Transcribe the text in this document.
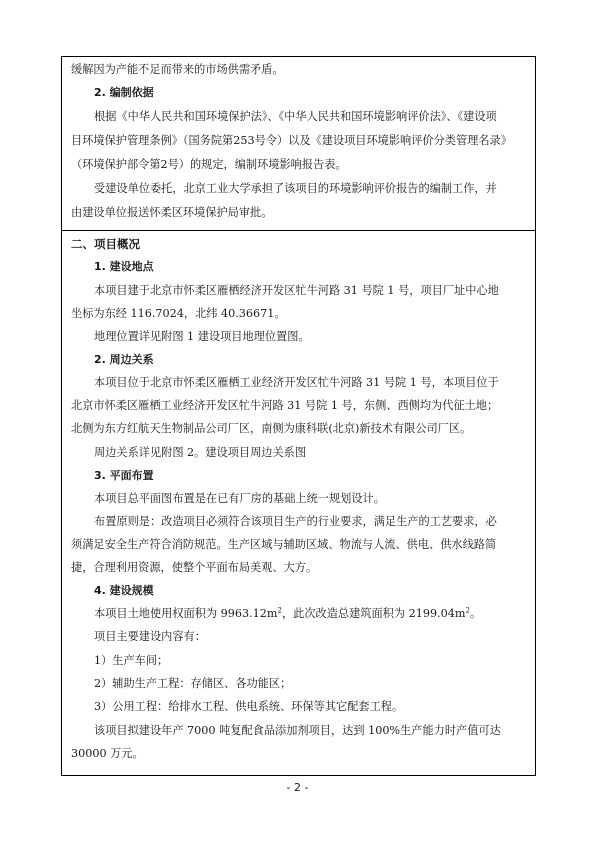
缓解因为产能不足而带来的市场供需矛盾。
2. 编制依据
根据《中华人民共和国环境保护法》、《中华人民共和国环境影响评价法》、《建设项
目环境保护管理条例》（国务院第253号令）以及《建设项目环境影响评价分类管理名录》
（环境保护部令第2号）的规定，编制环境影响报告表。
受建设单位委托，北京工业大学承担了该项目的环境影响评价报告的编制工作，并
由建设单位报送怀柔区环境保护局审批。
二、项目概况
1. 建设地点
本项目建于北京市怀柔区雁栖经济开发区牤牛河路 31 号院 1 号，项目厂址中心地
坐标为东经 116.7024，北纬 40.36671。
地理位置详见附图 1 建设项目地理位置图。
2. 周边关系
本项目位于北京市怀柔区雁栖工业经济开发区牤牛河路 31 号院 1 号，本项目位于
北京市怀柔区雁栖工业经济开发区牤牛河路 31 号院 1 号，东侧、西侧均为代征土地；
北侧为东方红航天生物制品公司厂区，南侧为康科联(北京)新技术有限公司厂区。
周边关系详见附图 2。建设项目周边关系图
3. 平面布置
本项目总平面图布置是在已有厂房的基础上统一规划设计。
布置原则是：改造项目必须符合该项目生产的行业要求，满足生产的工艺要求，必
须满足安全生产符合消防规范。生产区域与辅助区域、物流与人流、供电、供水线路简
捷，合理利用资源，使整个平面布局美观、大方。
4. 建设规模
本项目土地使用权面积为 $9963.12m^2$，此次改造总建筑面积为 $2199.04m^2$。
项目主要建设内容有：
1）生产车间；
2）辅助生产工程：存储区、各功能区；
3）公用工程：给排水工程、供电系统、环保等其它配套工程。
该项目拟建设年产 7000 吨复配食品添加剂项目，达到 100%生产能力时产值可达
30000 万元。
- 2 -
